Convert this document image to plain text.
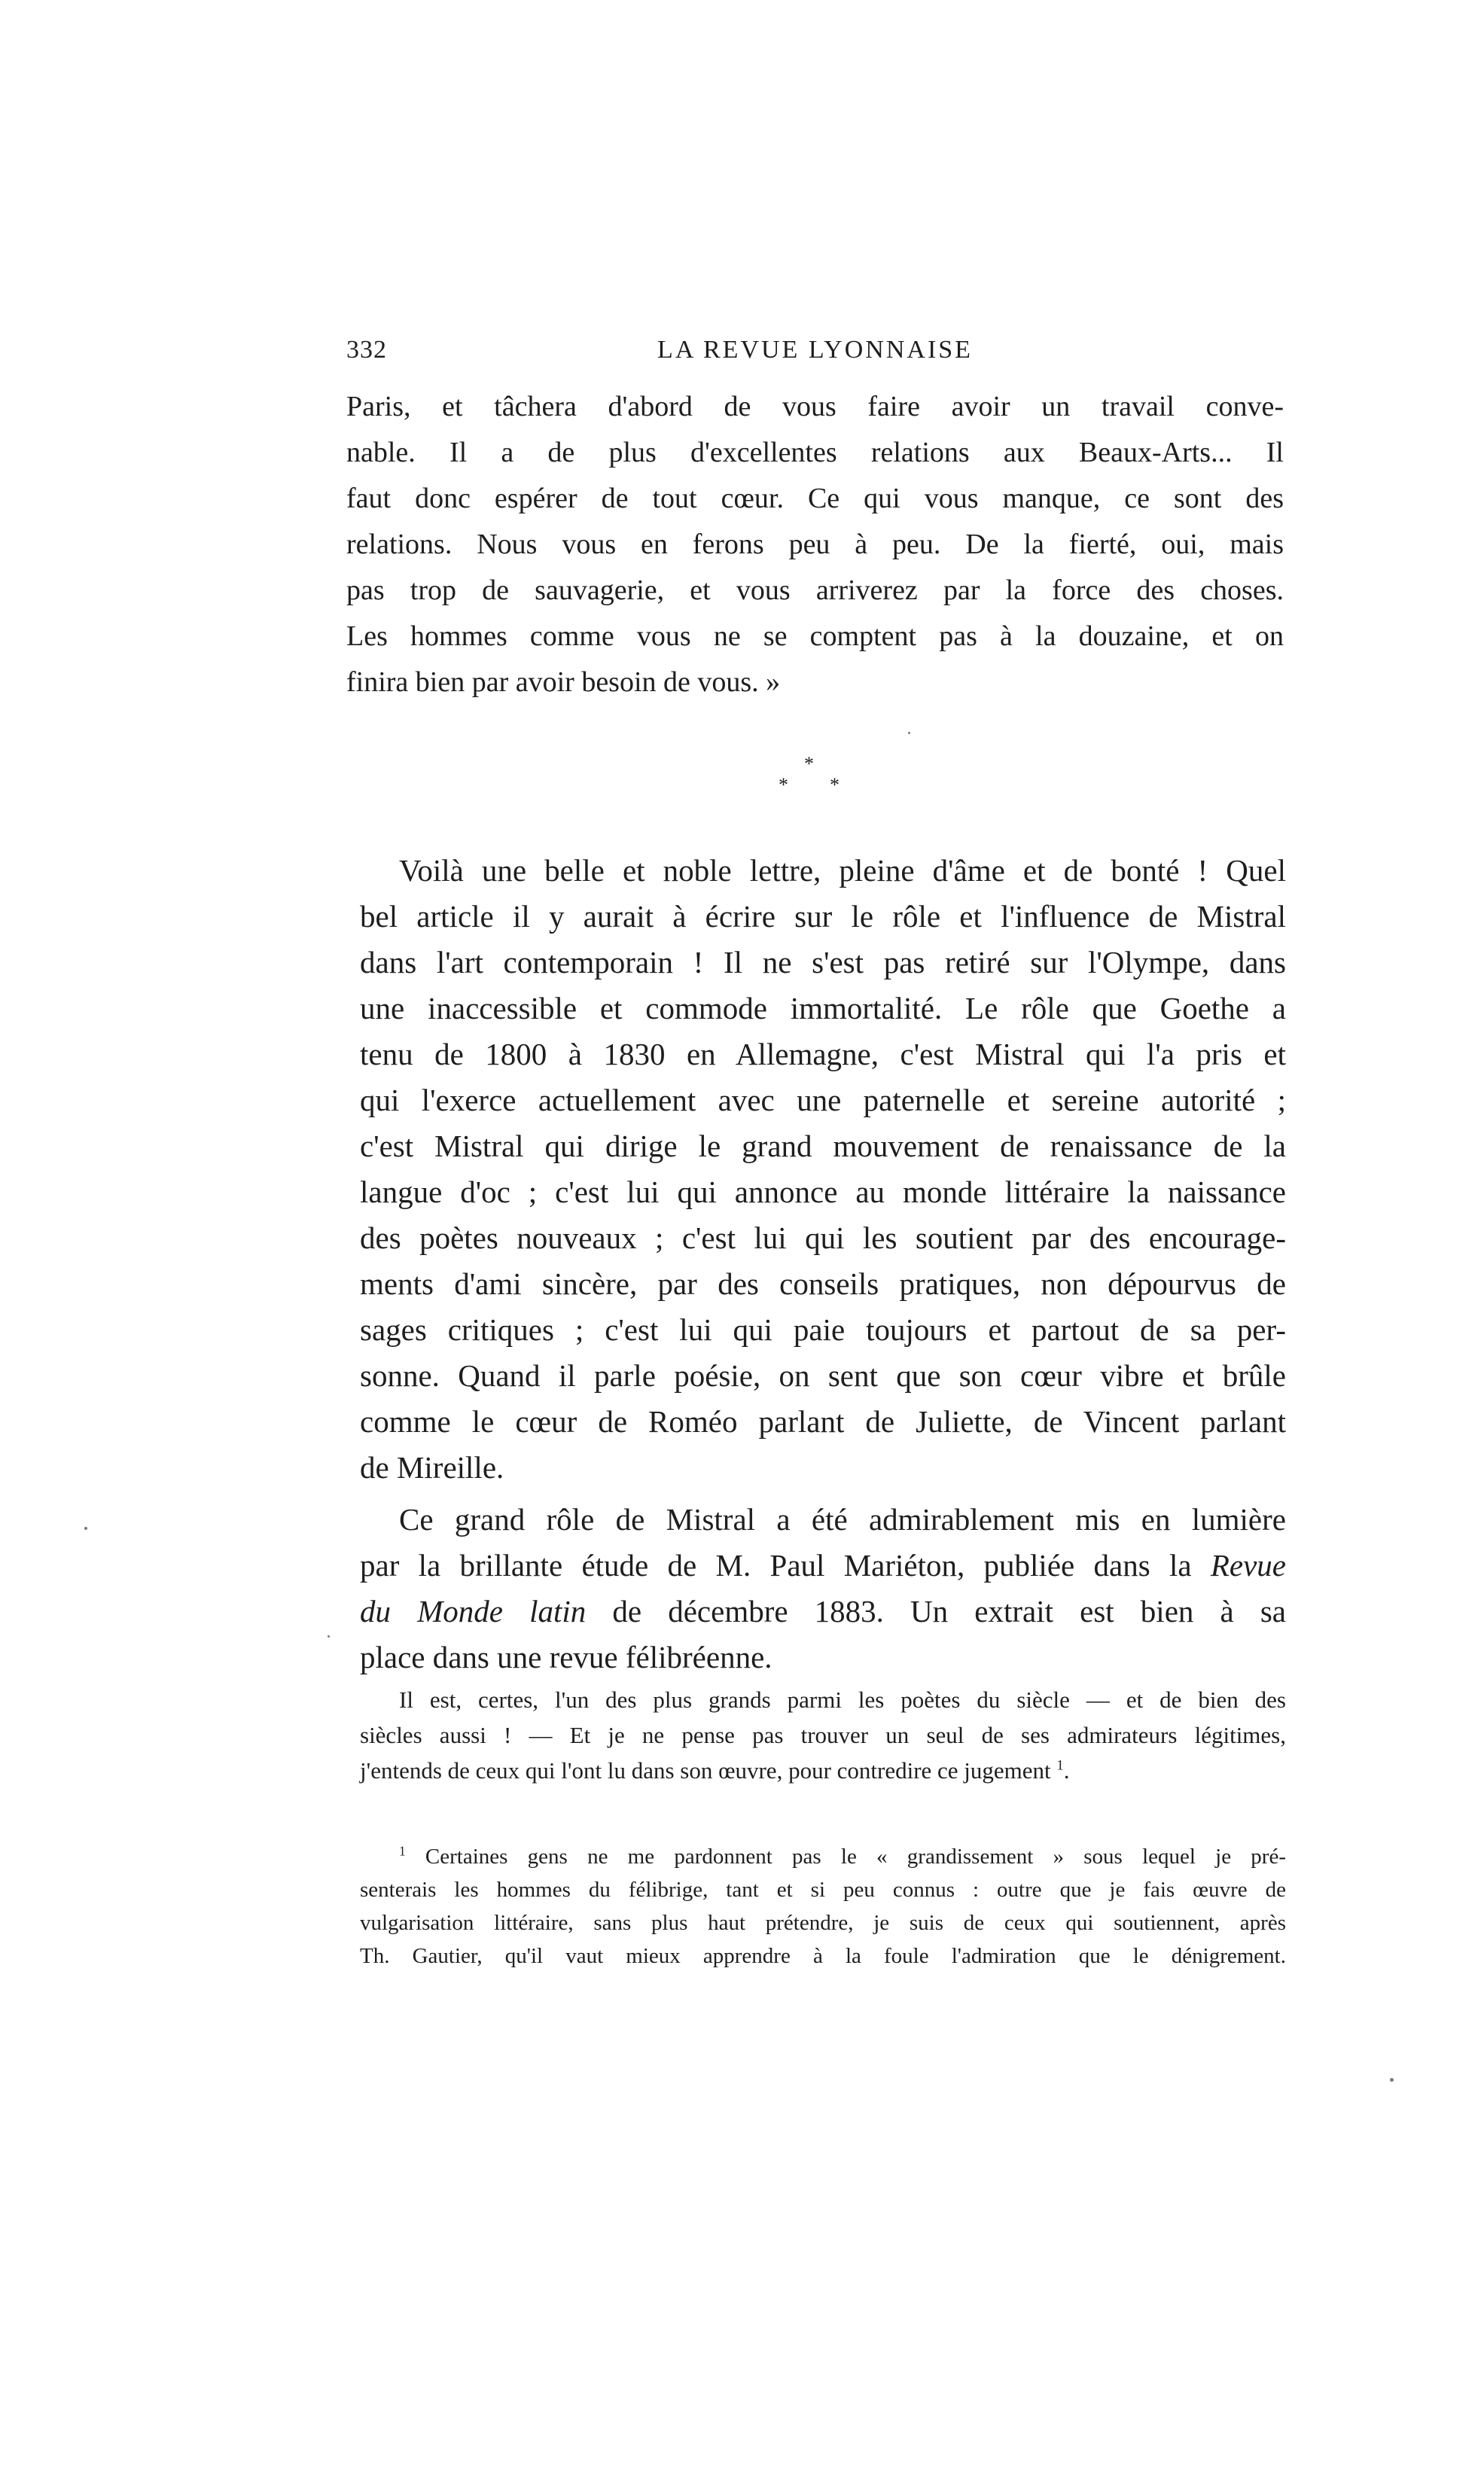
332	LA REVUE LYONNAISE
Paris, et tâchera d'abord de vous faire avoir un travail conve-
nable. Il a de plus d'excellentes relations aux Beaux-Arts... Il
faut donc espérer de tout cœur. Ce qui vous manque, ce sont des
relations. Nous vous en ferons peu à peu. De la fierté, oui, mais
pas trop de sauvagerie, et vous arriverez par la force des choses.
Les hommes comme vous ne se comptent pas à la douzaine, et on
finira bien par avoir besoin de vous. »
*
* *
Voilà une belle et noble lettre, pleine d'âme et de bonté ! Quel
bel article il y aurait à écrire sur le rôle et l'influence de Mistral
dans l'art contemporain ! Il ne s'est pas retiré sur l'Olympe, dans
une inaccessible et commode immortalité. Le rôle que Goethe a
tenu de 1800 à 1830 en Allemagne, c'est Mistral qui l'a pris et
qui l'exerce actuellement avec une paternelle et sereine autorité ;
c'est Mistral qui dirige le grand mouvement de renaissance de la
langue d'oc ; c'est lui qui annonce au monde littéraire la naissance
des poètes nouveaux ; c'est lui qui les soutient par des encourage-
ments d'ami sincère, par des conseils pratiques, non dépourvus de
sages critiques ; c'est lui qui paie toujours et partout de sa per-
sonne. Quand il parle poésie, on sent que son cœur vibre et brûle
comme le cœur de Roméo parlant de Juliette, de Vincent parlant
de Mireille.
Ce grand rôle de Mistral a été admirablement mis en lumière
par la brillante étude de M. Paul Mariéton, publiée dans la Revue
du Monde latin de décembre 1883. Un extrait est bien à sa
place dans une revue félibréenne.
Il est, certes, l'un des plus grands parmi les poètes du siècle — et de bien des
siècles aussi ! — Et je ne pense pas trouver un seul de ses admirateurs légitimes,
j'entends de ceux qui l'ont lu dans son œuvre, pour contredire ce jugement $^1$.
$^1$ Certaines gens ne me pardonnent pas le « grandissement » sous lequel je pré-
senterais les hommes du félibrige, tant et si peu connus : outre que je fais œuvre de
vulgarisation littéraire, sans plus haut prétendre, je suis de ceux qui soutiennent, après
Th. Gautier, qu'il vaut mieux apprendre à la foule l'admiration que le dénigrement.
